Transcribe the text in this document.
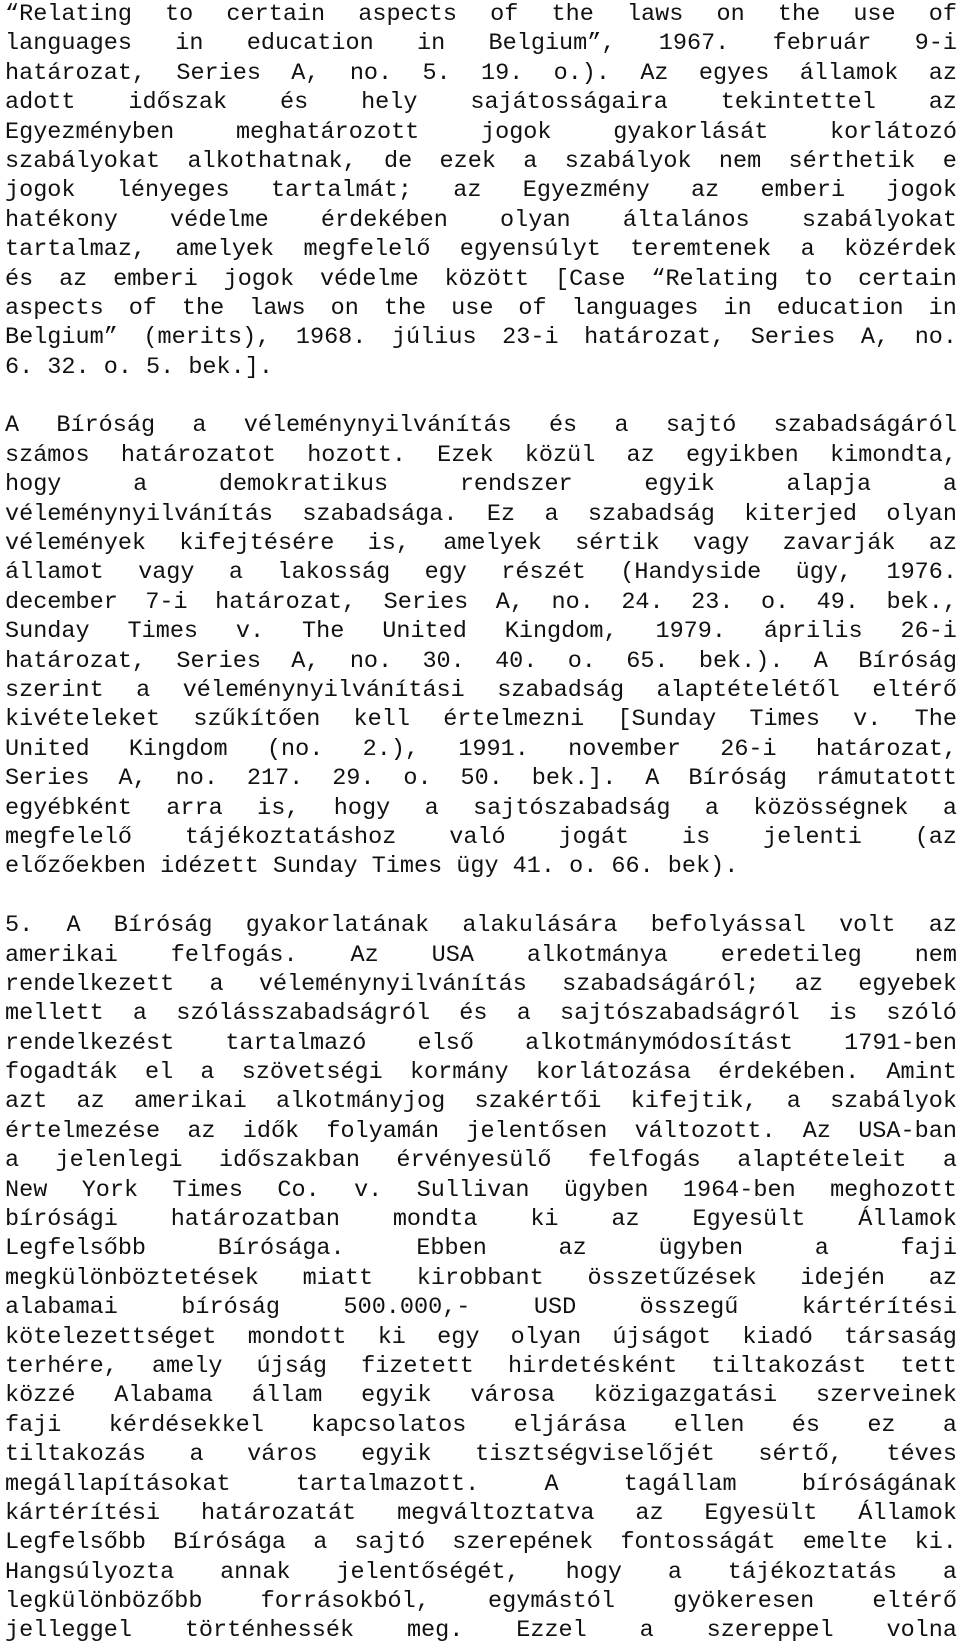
“Relating to certain aspects of the laws on the use of
languages in education in Belgium”, 1967. február 9-i
határozat, Series A, no. 5. 19. o.). Az egyes államok az
adott időszak és hely sajátosságaira tekintettel az
Egyezményben	meghatározott	jogok	gyakorlását	korlátozó
szabályokat alkothatnak, de ezek a szabályok nem sérthetik e
jogok lényeges tartalmát; az Egyezmény az emberi jogok
hatékony védelme érdekében olyan általános szabályokat
tartalmaz, amelyek megfelelő egyensúlyt teremtenek a közérdek
és az emberi jogok védelme között [Case “Relating to certain
aspects of the laws on the use of languages in education in
Belgium” (merits), 1968. július 23-i határozat, Series A, no.
6. 32. o. 5. bek.].
A Bíróság a véleménynyilvánítás és a sajtó szabadságáról
számos határozatot hozott. Ezek közül az egyikben kimondta,
hogy	a	demokratikus	rendszer	egyik	alapja	a
véleménynyilvánítás szabadsága. Ez a szabadság kiterjed olyan
vélemények kifejtésére is, amelyek sértik vagy zavarják az
államot vagy a lakosság egy részét (Handyside ügy, 1976.
december 7-i határozat, Series A, no. 24. 23. o. 49. bek.,
Sunday Times v. The United Kingdom, 1979. április 26-i
határozat, Series A, no. 30. 40. o. 65. bek.). A Bíróság
szerint a véleménynyilvánítási szabadság alaptételétől eltérő
kivételeket szűkítően kell értelmezni [Sunday Times v. The
United Kingdom (no. 2.), 1991. november 26-i határozat,
Series A, no. 217. 29. o. 50. bek.]. A Bíróság rámutatott
egyébként arra is, hogy a sajtószabadság a közösségnek a
megfelelő tájékoztatáshoz való jogát is jelenti (az
előzőekben idézett Sunday Times ügy 41. o. 66. bek).
5. A Bíróság gyakorlatának alakulására befolyással volt az
amerikai felfogás. Az USA alkotmánya eredetileg nem
rendelkezett a véleménynyilvánítás szabadságáról; az egyebek
mellett a szólásszabadságról és a sajtószabadságról is szóló
rendelkezést tartalmazó első alkotmánymódosítást 1791-ben
fogadták el a szövetségi kormány korlátozása érdekében. Amint
azt az amerikai alkotmányjog szakértői kifejtik, a szabályok
értelmezése az idők folyamán jelentősen változott. Az USA-ban
a jelenlegi időszakban érvényesülő felfogás alaptételeit a
New York Times Co. v. Sullivan ügyben 1964-ben meghozott
bírósági határozatban mondta ki az Egyesült Államok
Legfelsőbb	Bírósága.	Ebben	az	ügyben	a	faji
megkülönböztetések miatt kirobbant összetűzések idején az
alabamai	bíróság	500.000,-	USD	összegű	kártérítési
kötelezettséget mondott ki egy olyan újságot kiadó társaság
terhére, amely újság fizetett hirdetésként tiltakozást tett
közzé Alabama állam egyik városa közigazgatási szerveinek
faji kérdésekkel kapcsolatos eljárása ellen és ez a
tiltakozás a város egyik tisztségviselőjét sértő, téves
megállapításokat	tartalmazott.	A	tagállam	bíróságának
kártérítési határozatát megváltoztatva az Egyesült Államok
Legfelsőbb Bírósága a sajtó szerepének fontosságát emelte ki.
Hangsúlyozta annak jelentőségét, hogy a tájékoztatás a
legkülönbözőbb forrásokból, egymástól gyökeresen eltérő
jelleggel történhessék meg. Ezzel a szereppel volna
